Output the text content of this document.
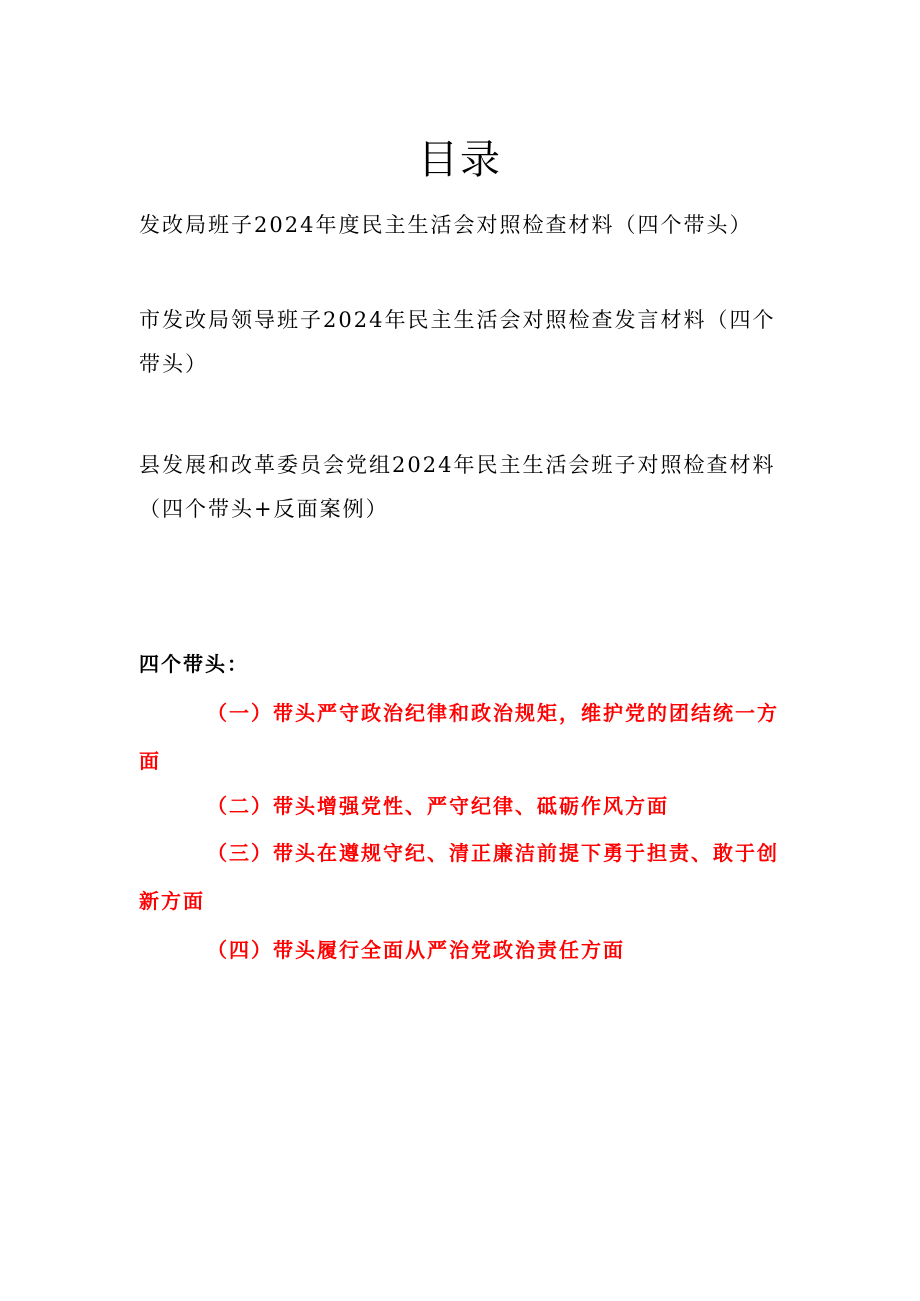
目录

发改局班子2024年度民主生活会对照检查材料（四个带头）

市发改局领导班子2024年民主生活会对照检查发言材料（四个带头）

县发展和改革委员会党组2024年民主生活会班子对照检查材料（四个带头+反面案例）

四个带头：

（一）带头严守政治纪律和政治规矩，维护党的团结统一方面

（二）带头增强党性、严守纪律、砥砺作风方面

（三）带头在遵规守纪、清正廉洁前提下勇于担责、敢于创新方面

（四）带头履行全面从严治党政治责任方面
